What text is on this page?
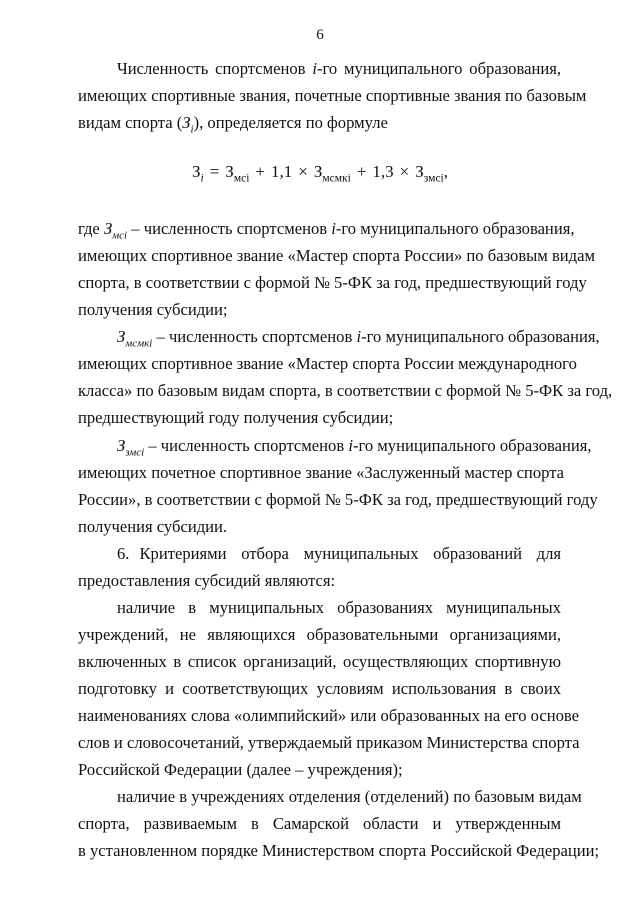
6
Численность спортсменов i-го муниципального образования,
имеющих спортивные звания, почетные спортивные звания по базовым
видам спорта $(З_i)$, определяется по формуле
$З_i = З_{мсi} + 1,1 \times З_{мсмкi} + 1,3 \times З_{змсi}$,
где $З_{мсi}$ – численность спортсменов i-го муниципального образования,
имеющих спортивное звание «Мастер спорта России» по базовым видам
спорта, в соответствии с формой № 5-ФК за год, предшествующий году
получения субсидии;
$З_{мсмкi}$ – численность спортсменов i-го муниципального образования,
имеющих спортивное звание «Мастер спорта России международного
класса» по базовым видам спорта, в соответствии с формой № 5-ФК за год,
предшествующий году получения субсидии;
$З_{змсi}$ – численность спортсменов i-го муниципального образования,
имеющих почетное спортивное звание «Заслуженный мастер спорта
России», в соответствии с формой № 5-ФК за год, предшествующий году
получения субсидии.
6. Критериями отбора муниципальных образований для
предоставления субсидий являются:
наличие в муниципальных образованиях муниципальных
учреждений, не являющихся образовательными организациями,
включенных в список организаций, осуществляющих спортивную
подготовку и соответствующих условиям использования в своих
наименованиях слова «олимпийский» или образованных на его основе
слов и словосочетаний, утверждаемый приказом Министерства спорта
Российской Федерации (далее – учреждения);
наличие в учреждениях отделения (отделений) по базовым видам
спорта, развиваемым в Самарской области и утвержденным
в установленном порядке Министерством спорта Российской Федерации;
